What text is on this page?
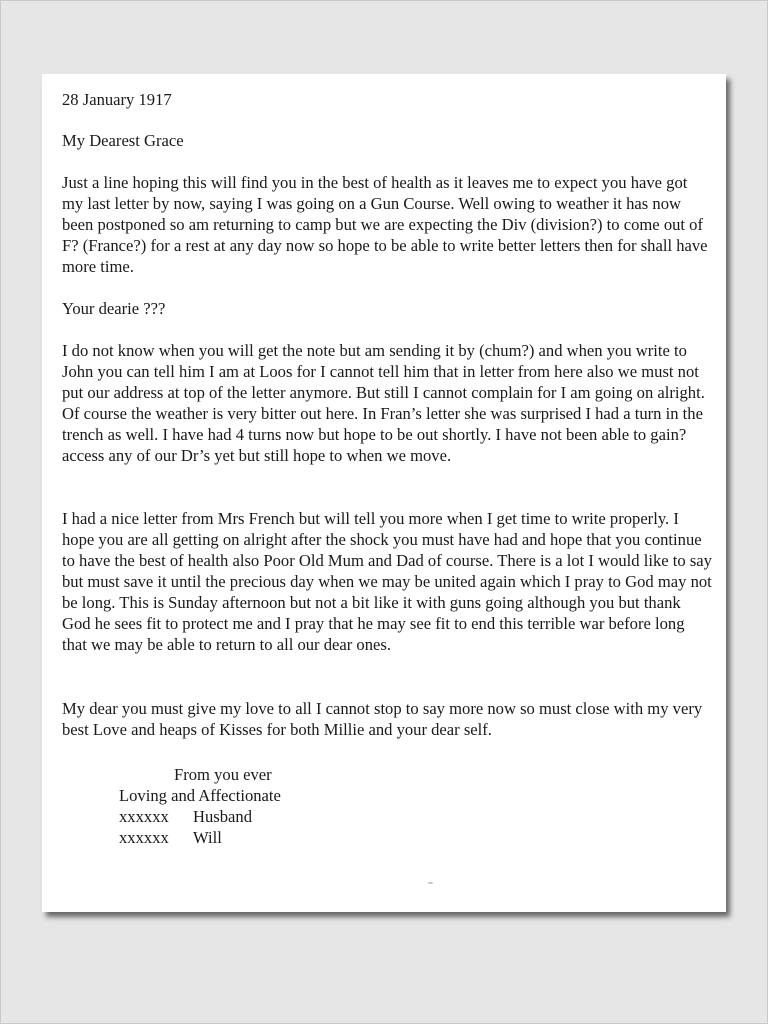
28 January 1917

My Dearest Grace

Just a line hoping this will find you in the best of health as it leaves me to expect you have got my last letter by now, saying I was going on a Gun Course. Well owing to weather it has now been postponed so am returning to camp but we are expecting the Div (division?) to come out of F? (France?) for a rest at any day now so hope to be able to write better letters then for shall have more time.

Your dearie ???

I do not know when you will get the note but am sending it by (chum?) and when you write to John you can tell him I am at Loos for I cannot tell him that in letter from here also we must not put our address at top of the letter anymore. But still I cannot complain for I am going on alright. Of course the weather is very bitter out here. In Fran’s letter she was surprised I had a turn in the trench as well. I have had 4 turns now but hope to be out shortly. I have not been able to gain? access any of our Dr’s yet but still hope to when we move.

I had a nice letter from Mrs French but will tell you more when I get time to write properly. I hope you are all getting on alright after the shock you must have had and hope that you continue to have the best of health also Poor Old Mum and Dad of course. There is a lot I would like to say but must save it until the precious day when we may be united again which I pray to God may not be long. This is Sunday afternoon but not a bit like it with guns going although you but thank God he sees fit to protect me and I pray that he may see fit to end this terrible war before long that we may be able to return to all our dear ones.

My dear you must give my love to all I cannot stop to say more now so must close with my very best Love and heaps of Kisses for both Millie and your dear self.

From you ever
Loving and Affectionate
xxxxxx Husband
xxxxxx Will
